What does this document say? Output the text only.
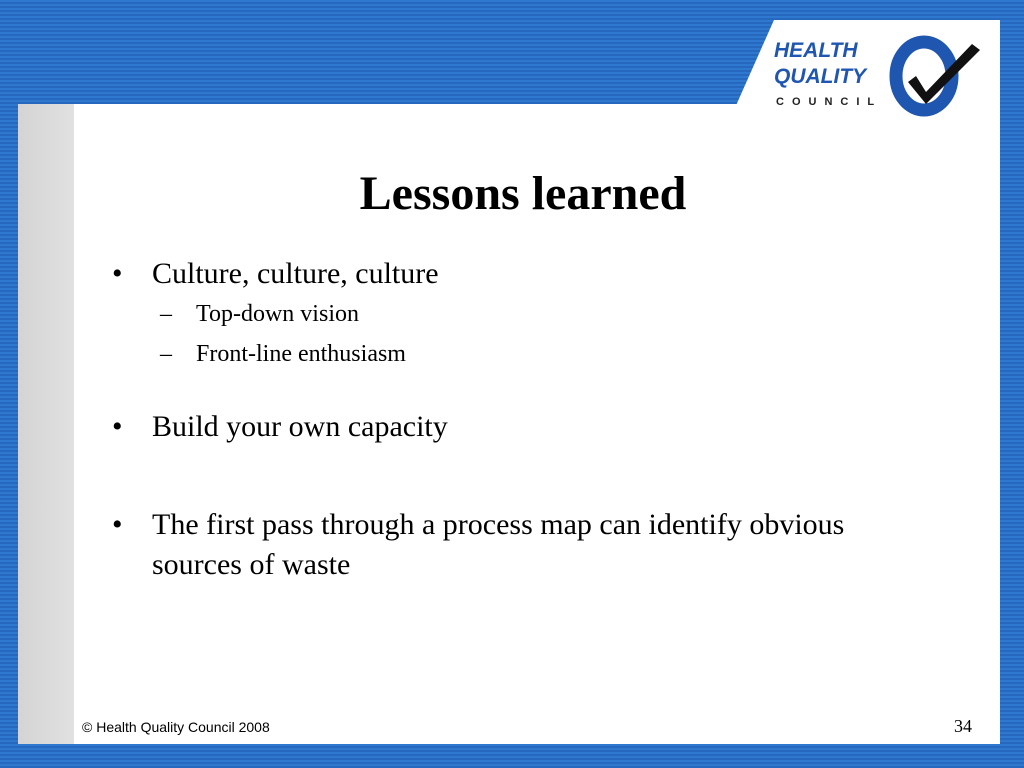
HEALTH
QUALITY
COUNCIL
Lessons learned
• Culture, culture, culture
– Top-down vision
– Front-line enthusiasm
• Build your own capacity
• The first pass through a process map can identify obvious sources of waste
© Health Quality Council 2008	34
